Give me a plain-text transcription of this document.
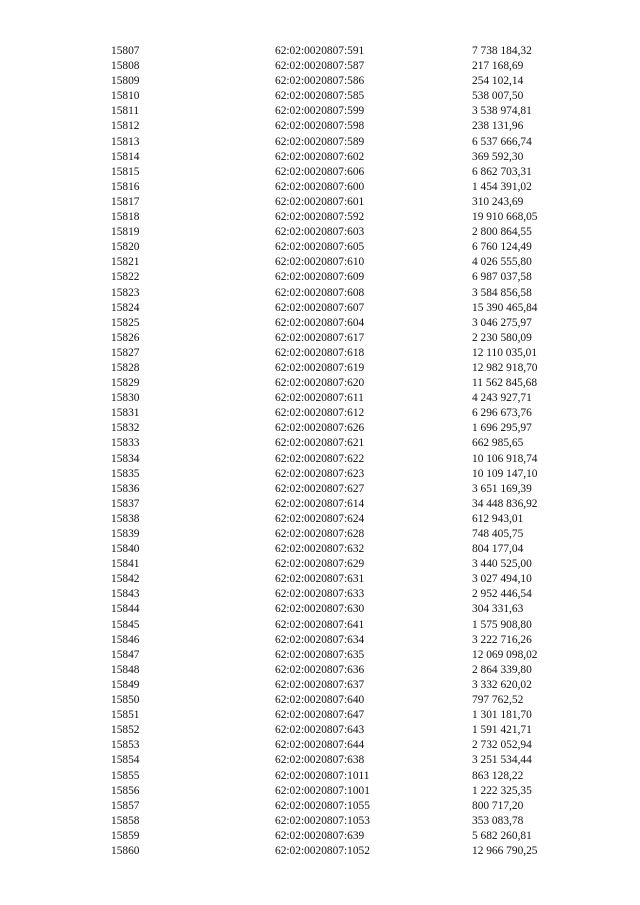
15807	62:02:0020807:591	7 738 184,32
15808	62:02:0020807:587	217 168,69
15809	62:02:0020807:586	254 102,14
15810	62:02:0020807:585	538 007,50
15811	62:02:0020807:599	3 538 974,81
15812	62:02:0020807:598	238 131,96
15813	62:02:0020807:589	6 537 666,74
15814	62:02:0020807:602	369 592,30
15815	62:02:0020807:606	6 862 703,31
15816	62:02:0020807:600	1 454 391,02
15817	62:02:0020807:601	310 243,69
15818	62:02:0020807:592	19 910 668,05
15819	62:02:0020807:603	2 800 864,55
15820	62:02:0020807:605	6 760 124,49
15821	62:02:0020807:610	4 026 555,80
15822	62:02:0020807:609	6 987 037,58
15823	62:02:0020807:608	3 584 856,58
15824	62:02:0020807:607	15 390 465,84
15825	62:02:0020807:604	3 046 275,97
15826	62:02:0020807:617	2 230 580,09
15827	62:02:0020807:618	12 110 035,01
15828	62:02:0020807:619	12 982 918,70
15829	62:02:0020807:620	11 562 845,68
15830	62:02:0020807:611	4 243 927,71
15831	62:02:0020807:612	6 296 673,76
15832	62:02:0020807:626	1 696 295,97
15833	62:02:0020807:621	662 985,65
15834	62:02:0020807:622	10 106 918,74
15835	62:02:0020807:623	10 109 147,10
15836	62:02:0020807:627	3 651 169,39
15837	62:02:0020807:614	34 448 836,92
15838	62:02:0020807:624	612 943,01
15839	62:02:0020807:628	748 405,75
15840	62:02:0020807:632	804 177,04
15841	62:02:0020807:629	3 440 525,00
15842	62:02:0020807:631	3 027 494,10
15843	62:02:0020807:633	2 952 446,54
15844	62:02:0020807:630	304 331,63
15845	62:02:0020807:641	1 575 908,80
15846	62:02:0020807:634	3 222 716,26
15847	62:02:0020807:635	12 069 098,02
15848	62:02:0020807:636	2 864 339,80
15849	62:02:0020807:637	3 332 620,02
15850	62:02:0020807:640	797 762,52
15851	62:02:0020807:647	1 301 181,70
15852	62:02:0020807:643	1 591 421,71
15853	62:02:0020807:644	2 732 052,94
15854	62:02:0020807:638	3 251 534,44
15855	62:02:0020807:1011	863 128,22
15856	62:02:0020807:1001	1 222 325,35
15857	62:02:0020807:1055	800 717,20
15858	62:02:0020807:1053	353 083,78
15859	62:02:0020807:639	5 682 260,81
15860	62:02:0020807:1052	12 966 790,25
